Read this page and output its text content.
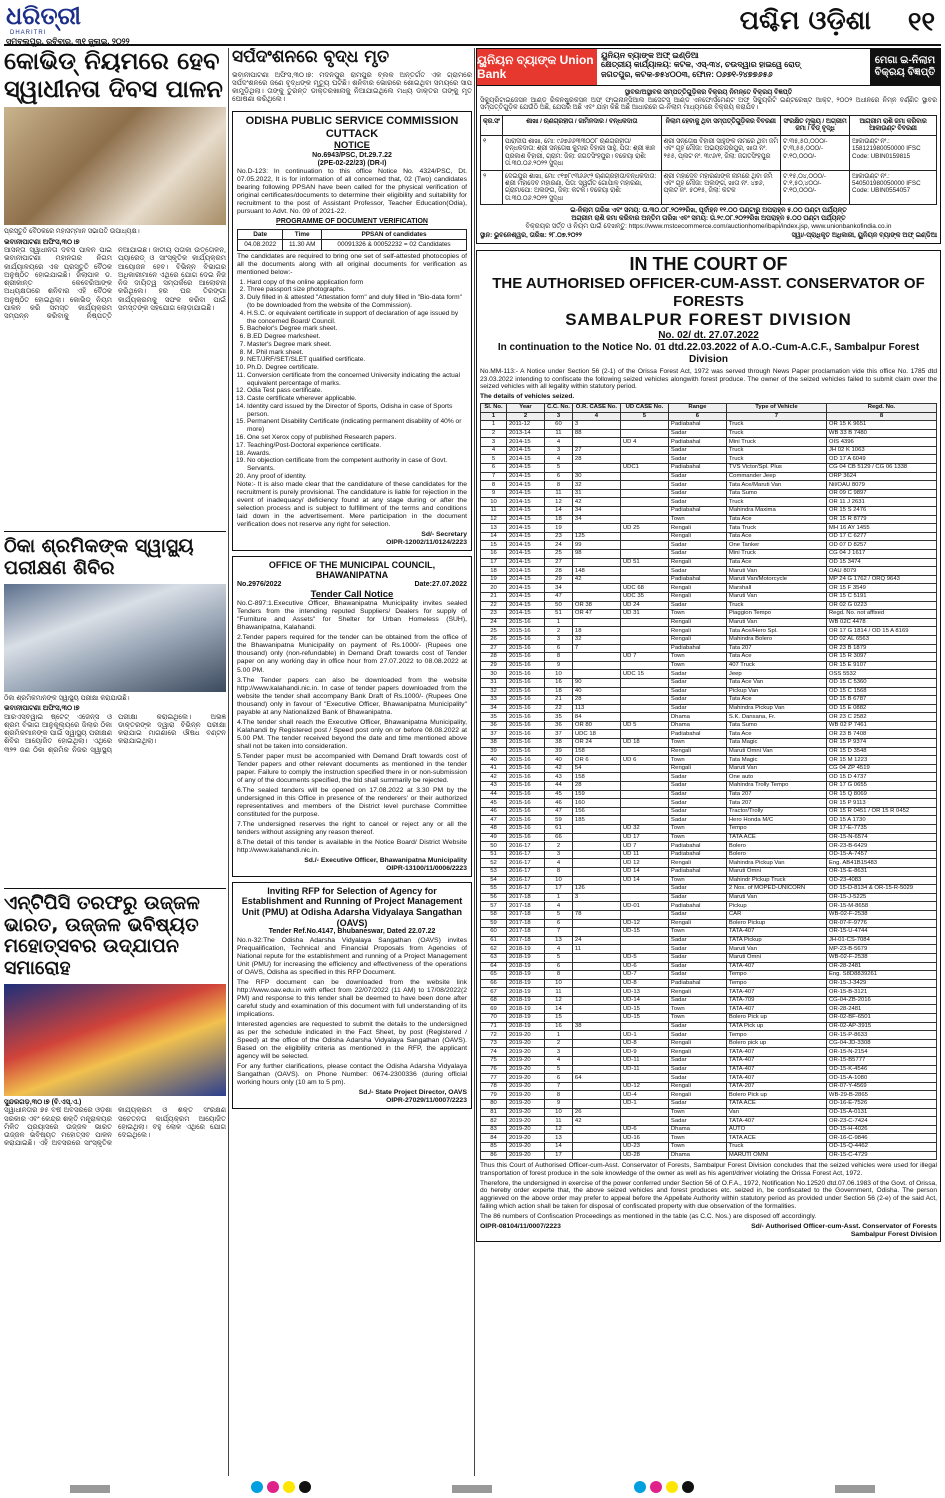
ଧରିତ୍ରୀ
DHARITRI
ସମ୍ବଲପୁର, ରବିବାର, ୩୧ ଜୁଲାଇ, ୨୦୨୨
ପଶ୍ଚିମ ଓଡ଼ିଶା ୧୧
କୋଭିଡ୍ ନିୟମରେ ହେବ ସ୍ୱାଧୀନତା ଦିବସ ପାଳନ
ପ୍ରସ୍ତୁତି ବୈଠକରେ ମହାସମ୍ମାନ ସଭାପତି ଉପାଧ୍ୟକ୍ଷ।
ଭବାନୀପାଟଣା ଅଫିସ,୩୦।୭
ଆସନ୍ତା ସ୍ୱାଧୀନତା ଦିବସ ପାଳନ ପାଇଁ ଭବାନୀପାଟଣା ମହାନଗର ନିଗମ କାର୍ଯ୍ୟାଳୟରେ ଏକ ପ୍ରସ୍ତୁତି ବୈଠକ ଅନୁଷ୍ଠିତ ହୋଇଯାଇଛି। ଜିଲାପାଳ ଡ. ଶ୍ରୀକାନ୍ତ କେବେରିଆଙ୍କ ଅଧ୍ୟକ୍ଷତାରେ ଶନିବାର ଏହି ବୈଠକ ଅନୁଷ୍ଠିତ ହୋଇଥିଲା। କୋଭିଡ୍ ନିୟମ ପାଳନ କରି ସମସ୍ତ କାର୍ଯ୍ୟକ୍ରମ ସମ୍ପନ୍ନ କରିବାକୁ ନିଷ୍ପତ୍ତି ନିଆଯାଇଛି। ଜାତୀୟ ପତାକା ଉତ୍ତୋଳନ, ପ୍ୟାରେଡ୍ ଓ ସାଂସ୍କୃତିକ କାର୍ଯ୍ୟକ୍ରମ ଆୟୋଜନ ହେବ। ବିଭିନ୍ନ ବିଭାଗର ଅଧିକାରୀମାନେ ଏଥିରେ ଯୋଗ ଦେଇ ନିଜ ନିଜ ଦାୟିତ୍ୱ ସମ୍ପର୍କରେ ଆଲୋଚନା କରିଥିଲେ। ହର ଘର ତିରଙ୍ଗା କାର୍ଯ୍ୟକ୍ରମକୁ ସଫଳ କରିବା ପାଇଁ ସମସ୍ତଙ୍କ ସହଯୋଗ ଲୋଡ଼ାଯାଇଛି।
ଠିକା ଶ୍ରମିକଙ୍କ ସ୍ୱାସ୍ଥ୍ୟ ପରୀକ୍ଷଣ ଶିବିର
ଠିକା ଶ୍ରମିକମାନଙ୍କ ସ୍ୱାସ୍ଥ୍ୟ ପରୀକ୍ଷା କରାଯାଉଛି।
ଭବାନୀପାଟଣା ଅଫିସ,୩୦।୭
ଆରଏସ୍‌ବିୱାଇ ଷ୍ଟେଟ୍ ଏଜେନ୍ସି ଓ ଶ୍ରମ ବିଭାଗ ଆନୁକୂଲ୍ୟରେ ଜିଲାର ଠିକା ଶ୍ରମିକମାନଙ୍କ ପାଇଁ ସ୍ୱାସ୍ଥ୍ୟ ପରୀକ୍ଷଣ ଶିବିର ଆୟୋଜିତ ହୋଇଥିଲା। ଏଥିରେ ୩୨୨ ଜଣ ଠିକା ଶ୍ରମିକ ନିଜର ସ୍ୱାସ୍ଥ୍ୟ ପରୀକ୍ଷା କରାଇଥିଲେ। ଅଭିଜ୍ଞ ଡାକ୍ତରଙ୍କ ଦ୍ୱାରା ବିଭିନ୍ନ ପରୀକ୍ଷା କରାଯାଇ ମାଗଣାରେ ଔଷଧ ବଣ୍ଟନ କରାଯାଇଥିଲା।
ଏନ୍‌ଟିପିସି ତରଫରୁ ଉଜ୍ଜଳ ଭାରତ, ଉଜ୍ଜଳ ଭବିଷ୍ୟତ ମହୋତ୍ସବର ଉଦ୍‌ଯାପନ ସମାରୋହ
ସୁନ୍ଦରଗଡ଼,୩୦।୭ (ବି.ଏସ୍.ଏ.)
ସ୍ୱାଧୀନତାର ୭୫ ବର୍ଷ ଅବସରରେ ଓଡ଼ିଶା ସରକାର ଏବଂ କେନ୍ଦ୍ର ଶକ୍ତି ମନ୍ତ୍ରାଳୟର ମିଳିତ ପ୍ରୟାସରେ ଉଜ୍ଜଳ ଭାରତ ଉଜ୍ଜଳ ଭବିଷ୍ୟତ ମହୋତ୍ସବ ପାଳନ କରାଯାଇଛି। ଏହି ଅବସରରେ ସାଂସ୍କୃତିକ କାର୍ଯ୍ୟକ୍ରମ ଓ ଶକ୍ତି ସଂରକ୍ଷଣ ସଚେତନତା କାର୍ଯ୍ୟକ୍ରମ ଆୟୋଜିତ ହୋଇଥିଲା। ବହୁ ଲୋକ ଏଥିରେ ଯୋଗ ଦେଇଥିଲେ।
ସର୍ପଦଂଶନରେ ବୃଦ୍ଧ ମୃତ
ଭବାନୀପାଟଣା ଅଫିସ,୩୦।୭: ମଦନପୁର ରାମପୁର ବ୍ଲକ ଅନ୍ତର୍ଗତ ଏକ ଗ୍ରାମରେ ସର୍ପଦଂଶନରେ ଜଣେ ବୃଦ୍ଧଙ୍କ ମୃତ୍ୟୁ ଘଟିଛି। ଶନିବାର ଭୋରରେ ଶୋଇଥିବା ସମୟରେ ସାପ କାମୁଡ଼ିଥିଲା। ତାଙ୍କୁ ତୁରନ୍ତ ଡାକ୍ତରଖାନାକୁ ନିଆଯାଇଥିଲେ ମଧ୍ୟ ଡାକ୍ତର ତାଙ୍କୁ ମୃତ ଘୋଷଣା କରିଥିଲେ।
ODISHA PUBLIC SERVICE COMMISSION
CUTTACK
NOTICE
No.6943/PSC, Dt.29.7.22
(2PE-02-22/23) (DR-I)

No.D-123: In continuation to this office Notice No. 4324/PSC, Dt. 07.05.2022, It is for information of all concerned that, 02 (Two) candidates bearing following PPSAN have been called for the physical verification of original certificates/documents to determine their eligibility and suitability for recruitment to the post of Assistant Professor, Teacher Education(Odia), pursuant to Advt. No. 09 of 2021-22.

PROGRAMME OF DOCUMENT VERIFICATION
Date	Time	PPSAN of candidates
04.08.2022	11.30 AM	00091326 & 00052232 = 02 Candidates

The candidates are required to bring one set of self-attested photocopies of all the documents along with all original documents for verification as mentioned below:-

1. Hard copy of the online application form
2. Three passport size photographs.
3. Duly filled in & attested "Attestation form" and duly filled in "Bio-data form" (to be downloaded from the website of the Commission).
4. H.S.C. or equivalent certificate in support of declaration of age issued by the concerned Board/ Council.
5. Bachelor's Degree mark sheet.
6. B.ED Degree marksheet.
7. Master's Degree mark sheet.
8. M. Phil mark sheet.
9. NET/JRF/SET/SLET qualified certificate.
10. Ph.D. Degree certificate.
11. Conversion certificate from the concerned University indicating the actual equivalent percentage of marks.
12. Odia Test pass certificate.
13. Caste certificate wherever applicable.
14. Identity card issued by the Director of Sports, Odisha in case of Sports person.
15. Permanent Disability Certificate (indicating permanent disability of 40% or more)
16. One set Xerox copy of published Research papers.
17. Teaching/Post-Doctoral experience certificate.
18. Awards.
19. No objection certificate from the competent authority in case of Govt. Servants.
20. Any proof of identity.

Note:- It is also made clear that the candidature of these candidates for the recruitment is purely provisional. The candidature is liable for rejection in the event of inadequacy/ deficiency found at any stage during or after the selection process and is subject to fulfillment of the terms and conditions laid down in the advertisement. Mere participation in the document verification does not reserve any right for selection.

Sd/- Secretary
OIPR-12002/11/0124/2223
OFFICE OF THE MUNICIPAL COUNCIL, BHAWANIPATNA
No.2976/2022	Date:27.07.2022
Tender Call Notice

No.C-897:1.Executive Officer, Bhawanipatna Municipality invites sealed Tenders from the intending reputed Suppliers/ Dealers for supply of "Furniture and Assets" for Shelter for Urban Homeless (SUH), Bhawanipatna, Kalahandi.

2.Tender papers required for the tender can be obtained from the office of the Bhawanipatna Municipality on payment of Rs.1000/- (Rupees one thousand) only (non-refundable) in Demand Draft towards cost of Tender paper on any working day in office hour from 27.07.2022 to 08.08.2022 at 5.00 PM.

3.The Tender papers can also be downloaded from the website http://www.kalahandi.nic.in. In case of tender papers downloaded from the website the tender shall accompany Bank Draft of Rs.1000/- (Rupees One thousand) only in favour of "Executive Officer, Bhawanipatna Municipality" payable at any Nationalized Bank of Bhawanipatna.

4.The tender shall reach the Executive Officer, Bhawanipatna Municipality, Kalahandi by Registered post / Speed post only on or before 08.08.2022 at 5.00 PM. The tender received beyond the date and time mentioned above shall not be taken into consideration.

5.Tender paper must be accompanied with Demand Draft towards cost of Tender papers and other relevant documents as mentioned in the tender paper. Failure to comply the instruction specified there in or non-submission of any of the documents specified, the bid shall summarily be rejected.

6.The sealed tenders will be opened on 17.08.2022 at 3.30 PM by the undersigned in this Office in presence of the renderers' or their authorized representatives and members of the District level purchase Committee constituted for the purpose.

7.The undersigned reserves the right to cancel or reject any or all the tenders without assigning any reason thereof.

8.The detail of this tender is available in the Notice Board/ District Website http://www.kalahandi.nic.in.

Sd./- Executive Officer, Bhawanipatna Municipality
OIPR-13100/11/0006/2223
Inviting RFP for Selection of Agency for Establishment and Running of Project Management Unit (PMU) at Odisha Adarsha Vidyalaya Sangathan (OAVS)
Tender Ref.No.4147, Bhubaneswar, Dated 22.07.22

No.n-32:The Odisha Adarsha Vidyalaya Sangathan (OAVS) invites Prequalification, Technical and Financial Proposals from Agencies of National repute for the establishment and running of a Project Management Unit (PMU) for increasing the efficiency and effectiveness of the operations of OAVS, Odisha as specified in this RFP Document.

The RFP document can be downloaded from the website link http://www.oav.edu.in with effect from 22/07/2022 (11 AM) to 17/08/2022(2 PM) and response to this tender shall be deemed to have been done after careful study and examination of this document with full understanding of its implications.

Interested agencies are requested to submit the details to the undersigned as per the schedule indicated in the Fact Sheet, by post (Registered / Speed) at the office of the Odisha Adarsha Vidyalaya Sangathan (OAVS). Based on the eligibility criteria as mentioned in the RFP, the applicant agency will be selected.

For any further clarifications, please contact the Odisha Adarsha Vidyalaya Sangathan (OAVS). on Phone Number: 0674-2300336 (during official working hours only (10 am to 5 pm).

Sd./- State Project Director, OAVS
OIPR-27029/11/0007/2223
ୟୁନିୟନ ବ୍ୟାଙ୍କ Union Bank
ୟୁନିୟନ ବ୍ୟାଙ୍କ ଅଫ୍ ଇଣ୍ଡିଆ
କ୍ଷେତ୍ରୀୟ କାର୍ଯ୍ୟାଳୟ: କଟକ, ଏସ୍-୩୪, ଚଉଦ୍ୱାର ହାଇୱେ ରୋଡ୍
ଜଗତପୁର, କଟକ-୭୫୪୦୦୩, ଫୋନ: ୦୬୭୧-୨୪୭୭୬୫୬
ମେଗା ଇ-ନିଲାମ ବିକ୍ରୟ ବିଜ୍ଞପ୍ତି
ସ୍ଥାବର/ଅସ୍ଥାବର ସମ୍ପତ୍ତିଗୁଡ଼ିକର ବିକ୍ରୟ ନିମନ୍ତେ ବିକ୍ରୟ ବିଜ୍ଞପ୍ତି
ସିକ୍ୟୁରିଟାଇଜେସନ ଆଣ୍ଡ ରିକନଷ୍ଟ୍ରକସନ ଅଫ୍ ଫାଇନାନ୍ସିଆଲ ଆସେଟସ୍ ଆଣ୍ଡ ଏନଫୋର୍ସମେଣ୍ଟ ଅଫ୍ ସିକ୍ୟୁରିଟି ଇଣ୍ଟରେଷ୍ଟ ଆକ୍ଟ, ୨୦୦୨ ଅଧୀନରେ ନିମ୍ନ ବର୍ଣ୍ଣିତ ସ୍ଥାବର ସମ୍ପତ୍ତିଗୁଡ଼ିକ ଯେଉଁଠି ଅଛି, ଯେପରି ଅଛି ଏବଂ ଯାହା କିଛି ଅଛି ଆଧାରରେ ଇ-ନିଲାମ ମାଧ୍ୟମରେ ବିକ୍ରୟ କରାଯିବ।
କ୍ର.ସଂ	ଶାଖା / ଋଣଗ୍ରହୀତା / ଜାମିନଦାର / ବନ୍ଧକଦାତା	ନିଲାମ ହେବାକୁ ଥିବା ସମ୍ପତ୍ତିଗୁଡ଼ିକର ବିବରଣୀ	ସଂରକ୍ଷିତ ମୂଲ୍ୟ / ଅଗ୍ରୀମ ଜମା / ବିଡ୍ ବୃଦ୍ଧି	ଆଗ୍ରୀମ ରାଶି ଜମା କରିବାର ଆକାଉଣ୍ଟ ବିବରଣୀ
୧	ପାରାଦୀପ ଶାଖା, ମୋ: ୯୬୭୬୬୩୩୦୦୮ ଋଣଗ୍ରହୀତା/ବନ୍ଧକଦାତା: ଶ୍ରୀ ସନ୍ତୋଷ କୁମାର ବିହାରୀ ସାହୁ, ପିତା: ଶ୍ରୀ ଜ୍ଞାନ ପ୍ରକାଶ ବିହାରୀ, ଗ୍ରାମ: ଜିଲା: ଜଗତସିଂହପୁର। ବକେୟା ରାଶି: ତା.୩୦.୦୬.୨୦୨୨ ସୁଦ୍ଧା	ଶ୍ରୀ ସନ୍ତୋଷ ବିହାରୀ ସାହୁଙ୍କ ନାମରେ ଥିବା ଜମି ଏବଂ ଗୃହ ମୌଜା: ଅଭୟଚନ୍ଦ୍ରପୁର, ଖାତା ନଂ. ୨୫୫, ପ୍ଲଟ ନଂ. ୩୯୬/୧, ଜିଲା: ଜଗତସିଂହପୁର	ଟ.୩୫,୫୦,୦୦୦/- ଟ.୩,୫୫,୦୦୦/- ଟ.୧୦,୦୦୦/-	ଆକାଉଣ୍ଟ ନଂ.: 158121980050000 IFSC Code: UBIN0159815
୨	ଦେଇପୁର ଶାଖା, ମୋ: ୯୧୭୮୯୩୬୬୯୨ ଋଣଗ୍ରହୀତା/ବନ୍ଧକଦାତା: ଶ୍ରୀ ମହାଦେବ ମହାରଣା, ପିତା: ସ୍ୱର୍ଗତ ଗୋପାଳ ମହାରଣା, ଗ୍ରାମ/ପୋ: ଅଲଙ୍ଗ, ଜିଲା: କଟକ। ବକେୟା ରାଶି: ତା.୩୦.୦୬.୨୦୨୨ ସୁଦ୍ଧା	ଶ୍ରୀ ମହାଦେବ ମହାରଣାଙ୍କ ନାମରେ ଥିବା ଜମି ଏବଂ ଗୃହ ମୌଜା: ଅଲଙ୍ଗ, ଖାତା ନଂ. ୪୭୬, ପ୍ଲଟ ନଂ. ୫୦୧୫, ଜିଲା: କଟକ	ଟ.୧୫,୦୪,୦୦୦/- ଟ.୧,୫୦,୪୦୦/- ଟ.୧୦,୦୦୦/-	ଆକାଉଣ୍ଟ ନଂ.: 540501980050000 IFSC Code: UBIN0554057
ଇ-ନିଲାମ ତାରିଖ ଏବଂ ସମୟ: ତା.୩୦.୦୮.୨୦୨୨ରିଖ, ପୂର୍ବାହ୍ନ ୧୧.୦୦ ଘଣ୍ଟାରୁ ଅପରାହ୍ନ ୫.୦୦ ଘଣ୍ଟା ପର୍ଯ୍ୟନ୍ତ
ଅଗ୍ରୀମ ରାଶି ଜମା କରିବାର ଅନ୍ତିମ ତାରିଖ ଏବଂ ସମୟ: ତା.୨୯.୦୮.୨୦୨୨ରିଖ ଅପରାହ୍ନ ୫.୦୦ ଘଣ୍ଟା ପର୍ଯ୍ୟନ୍ତ
ବିକ୍ରୟର ସର୍ତ୍ତ ଓ ନିୟମ ପାଇଁ ଦେଖନ୍ତୁ: https://www.mstcecommerce.com/auctionhome/ibapi/index.jsp, www.unionbankofindia.co.in
ସ୍ଥାନ: ଭୁବନେଶ୍ୱର, ତାରିଖ: ୨୮.୦୭.୨୦୨୨	ସ୍ୱା/-ପ୍ରାଧିକୃତ ଅଧିକାରୀ, ୟୁନିୟନ ବ୍ୟାଙ୍କ ଅଫ୍ ଇଣ୍ଡିଆ
IN THE COURT OF
THE AUTHORISED OFFICER-CUM-ASST. CONSERVATOR OF FORESTS
SAMBALPUR FOREST DIVISION
No. 02/ dt. 27.07.2022
In continuation to the Notice No. 01 dtd.22.03.2022 of A.O.-Cum-A.C.F., Sambalpur Forest Division

No.MM-113:- A Notice under Section 56 (2-1) of the Orissa Forest Act, 1972 was served through News Paper proclamation vide this office No. 1785 dtd 23.03.2022 intending to confiscate the following seized vehicles alongwith forest produce. The owner of the seized vehicles failed to submit claim over the seized vehicles with all legality within statutory period.

The details of vehicles seized.

Sl. No.	Year	C.C. No.	O.R. CASE No.	UD CASE No.	Range	Type of Vehicle	Regd. No.
1	2	3	4	5	6	7	8
1	2011-12	60	3		Padiabahal	Truck	OR 15 K 9651
2	2013-14	11	88		Sadar	Truck	WB 33 B 7480
3	2014-15	4		UD 4	Padiabahal	Mini Truck	OIS 4396
4	2014-15	3	27		Sadar	Truck	JH 02 K 1063
5	2014-15	4	28		Sadar	Truck	OD 17 A 6049
6	2014-15	5		UDC1	Padiabahal	TVS Victor/Spl. Plus	CG 04 CB 5129 / CG 06 1338
7	2014-15	6	30		Sadar	Commander Jeep	ORP 3624
8	2014-15	8	32		Sadar	Tata Ace/Maruti Van	Nil/OAU 8079
9	2014-15	11	31		Sadar	Tata Sumo	OR 09 C 9897
10	2014-15	12	42		Sadar	Truck	OR 11 J 2631
11	2014-15	14	34		Padiabahal	Mahindra Maxima	OR 15 S 2476
12	2014-15	18	34		Town	Tata Ace	OR 15 R 8779
13	2014-15	19		UD 25	Rengali	Tata Truck	MH 16 AY 1455
14	2014-15	23	125		Rengali	Tata Ace	OD 17 C 6277
15	2014-15	24	99		Sadar	One Tanker	OD 07 D 8257
16	2014-15	25	98		Sadar	Mini Truck	CG 04 J 1617
17	2014-15	27		UD 51	Rengali	Tata Ace	OD 15 3474
18	2014-15	28	148		Sadar	Maruti Van	OAU 8079
19	2014-15	29	42		Padiabahal	Maruti Van/Motorcycle	MP 24 G 1762 / ORQ 9643
20	2014-15	34		UDC 68	Rengali	Marshall	OR 15 F 3549
21	2014-15	47		UDC 35	Rengali	Maruti Van	OR 15 C 5191
22	2014-15	50	OR 38	UD 24	Sadar	Truck	OR 02 G 0223
23	2014-15	51	OR 47	UD 31	Town	Piaggion Tempo	Regd. No. not affixed
24	2015-16	1			Rengali	Maruti Van	WB 02C 4478
25	2015-16	2	18		Rengali	Tata Ace/Hero Spl.	OR 17 G 1814 / OD 15 A 8169
26	2015-16	3	32		Rengali	Mahindra Bolero	OD 02 AL 6563
27	2015-16	6	7		Padiabahal	Tata 207	OR 23 B 1879
28	2015-16	8		UD 7	Town	Tata Ace	OR 15 R 3097
29	2015-16	9			Town	407 Truck	OR 15 E 9107
30	2015-16	10		UDC 15	Sadar	Jeep	OSS 5532
31	2015-16	16	90		Sadar	Tata Ace Van	OD 15 C 5360
32	2015-16	18	40		Sadar	Pickup Van	OD 15 C 1568
33	2015-16	21	28		Sadar	Tata Ace	OD 15 B 6787
34	2015-16	22	113		Sadar	Mahindra Pickup Van	OD 15 E 0882
35	2015-16	35	84		Dhama	S.K. Dansana, Fr.	OR 23 C 2582
36	2015-16	36	OR 80	UD 5	Dhama	Tata Sumo	WB 02 P 7461
37	2015-16	37	UDC 18		Padiabahal	Tata Ace	OR 23 B 7408
38	2015-16	38	OR 24	UD 18	Town	Tata Magic	OR 15 P 9374
39	2015-16	39	158		Rengali	Maruti Omni Van	OR 15 D 3548
40	2015-16	40	OR 6	UD 6	Town	Tata Magic	OR 15 M 1223
41	2015-16	42	54		Rengali	Maruti Van	CG 04 ZP 4519
42	2015-16	43	158		Sadar	One auto	OD 15 D 4737
43	2015-16	44	28		Sadar	Mahindra Trolly Tempo	OR 17 G 0655
44	2015-16	45	159		Sadar	Tata 207	OR 15 Q 8069
45	2015-16	46	160		Sadar	Tata 207	OR 15 P 9113
46	2015-16	47	156		Sadar	Tractor/Trolly	OR 15 R 0451 / OR 15 R 0452
47	2015-16	59	185		Sadar	Hero Honda M/C	OD 15 A 1730
48	2015-16	61		UD 32	Town	Tempo	OR 17-E-7735
49	2015-16	66		UD 17	Town	TATA ACE	OR-15-N-6574
50	2016-17	2		UD 7	Padiabahal	Bolero	OR-23-B-6429
51	2016-17	3		UD 11	Padiabahal	Bolero	OD-15-A-7457
52	2016-17	4		UD 12	Rengali	Mahindra Pickup Van	Eng. AB41B15483
53	2016-17	8		UD 14	Padiabahal	Maruti Omni	OR-15-E-8631
54	2016-17	10		UD 14	Town	Mahindr Pickup Truck	OD-23-4083
55	2016-17	17	126		Sadar	2 Nos. of MOPED-UNICORN	OD 15-D-8134 & OR-15-R-5029
56	2017-18	1	3		Sadar	Maruti Van	OR-15-J-5225
57	2017-18	4		UD-01	Padiabahal	Pickup	OR-15-M-8658
58	2017-18	5	78		Sadar	CAR	WB-02-F-2538
59	2017-18	6		UD-12	Rengali	Bolero Pickup	OR-07-F-9776
60	2017-18	7		UD-15	Town	TATA-407	OR-15-U-4744
61	2017-18	13	24		Sadar	TATA Pickup	JH-01-CS-7084
62	2018-19	4	11		Sadar	Maruti Van	MP-23-B-5679
63	2018-19	5		UD-5	Sadar	Maruti Omni	WB-02-F-2538
64	2018-19	6		UD-6	Sadar	TATA-407	OR-28-2481
65	2018-19	8		UD-7	Sadar	Tempo	Eng. S8D8839261
66	2018-19	10		UD-8	Padiabahal	Tempo	OR-15-J-3429
67	2018-19	11		UD-13	Rengali	TATA-407	OR-15-B-3121
68	2018-19	12		UD-14	Sadar	TATA-709	CG-04-ZB-2016
69	2018-19	14		UD-15	Town	TATA-407	OR-28-2481
70	2018-19	15		UD-15	Town	Bolero Pick up	OR-02-BF-6501
71	2018-19	16	38		Sadar	TATA Pick up	OR-02-AP-3915
72	2019-20	1		UD-1	Sadar	Tempo	OR-15-P-8633
73	2019-20	2		UD-8	Rengali	Bolero pick up	CG-04-JD-3308
74	2019-20	3		UD-9	Rengali	TATA-407	OR-15-N-2154
75	2019-20	4		UD-11	Sadar	TATA-407	OR-15-B5777
76	2019-20	5		UD-11	Sadar	TATA-407	OD-15-K-4546
77	2019-20	6	64		Sadar	TATA-407	OD-15-A-1080
78	2019-20	7		UD-12	Rengali	TATA-207	OR-07-Y-4569
79	2019-20	8		UD-4	Rengali	Bolero Pick up	WB-29-B-2865
80	2019-20	9		UD-1	Sadar	TATA ACE	OD-16-E-7526
81	2019-20	10	26		Town	Van	OD-15-A-0131
82	2019-20	11	42		Sadar	TATA-407	OR-23-C-7424
83	2019-20	12		UD-6	Dhama	AUTO	OD-15-H-4026
84	2019-20	13		UD-16	Town	TATA ACE	OR-16-C-9846
85	2019-20	14		UD-23	Town	Truck	OD-15-Q-4462
86	2019-20	17		UD-28	Dhama	MARUTI OMNI	OR-15-C-4729

Thus this Court of Authorised Officer-cum-Asst. Conservator of Forests, Sambalpur Forest Division concludes that the seized vehicles were used for illegal transportation of forest produce in the sole knowledge of the owner as well as his agent/driver violating the Orissa Forest Act, 1972.

Therefore, the undersigned in exercise of the power conferred under Section 56 of O.F.A., 1972, Notification No.12520 dtd.07.06.1983 of the Govt. of Orissa, do hereby order experte that, the above seized vehicles and forest produces etc. seized in, be confiscated to the Government, Odisha. The person aggrieved on the above order may prefer to appeal before the Appellate Authority within statutory period as provided under Section 56 (2-e) of the said Act, failing which action shall be taken for disposal of confiscated property with due observation of the formalities.

The 86 numbers of Confiscation Proceedings as mentioned in the table (as C.C. Nos.) are disposed off accordingly.

OIPR-08104/11/0007/2223	Sd/- Authorised Officer-cum-Asst. Conservator of Forests
Sambalpur Forest Division
